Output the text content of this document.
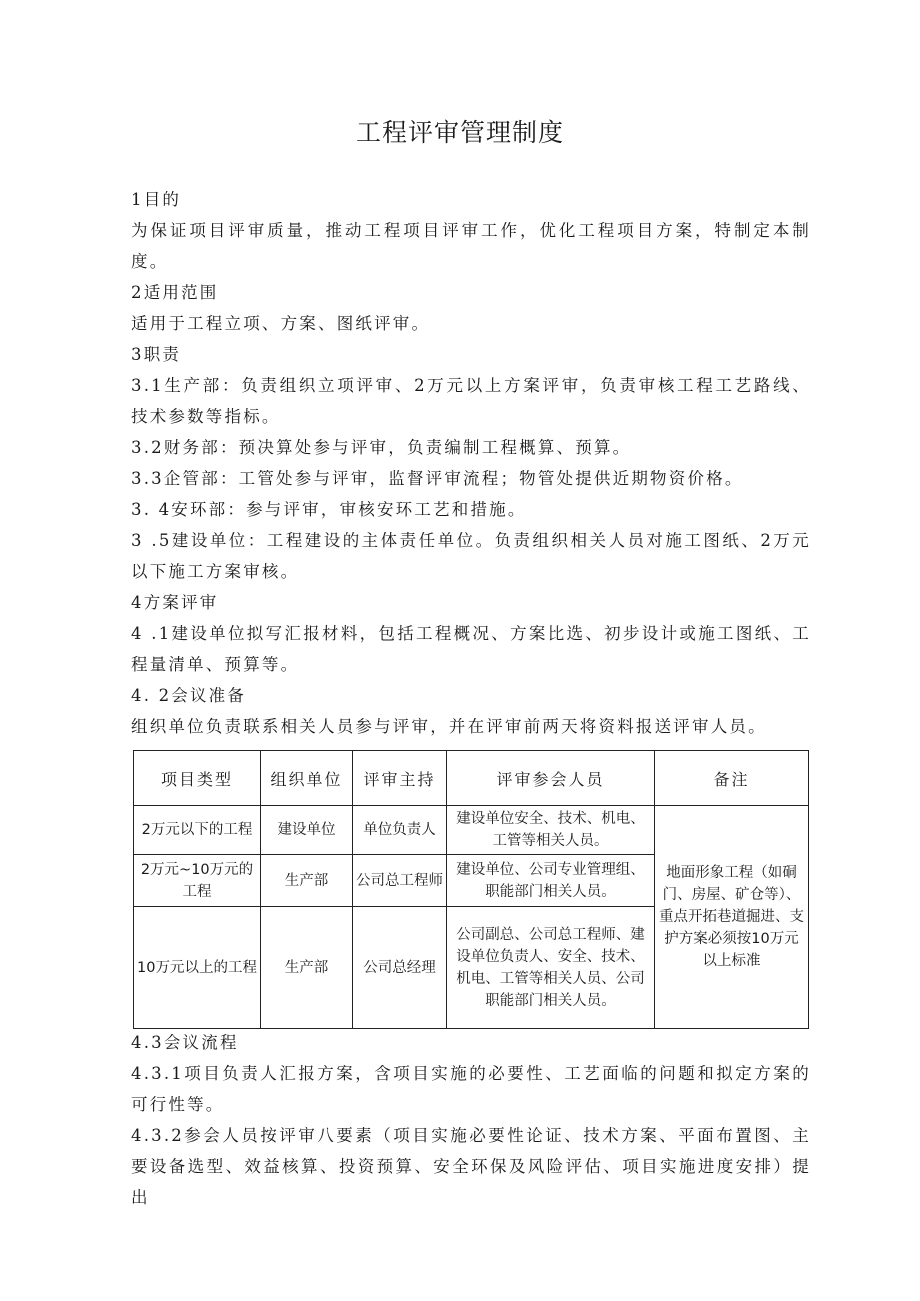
工程评审管理制度

1目的

为保证项目评审质量，推动工程项目评审工作，优化工程项目方案，特制定本制度。

2适用范围

适用于工程立项、方案、图纸评审。

3职责

3.1生产部：负责组织立项评审、2万元以上方案评审，负责审核工程工艺路线、技术参数等指标。

3.2财务部：预决算处参与评审，负责编制工程概算、预算。

3.3企管部：工管处参与评审，监督评审流程；物管处提供近期物资价格。

3. 4安环部：参与评审，审核安环工艺和措施。

3 .5建设单位：工程建设的主体责任单位。负责组织相关人员对施工图纸、2万元以下施工方案审核。

4方案评审

4 .1建设单位拟写汇报材料，包括工程概况、方案比选、初步设计或施工图纸、工程量清单、预算等。

4. 2会议准备

组织单位负责联系相关人员参与评审，并在评审前两天将资料报送评审人员。

项目类型	组织单位	评审主持	评审参会人员	备注
2万元以下的工程	建设单位	单位负责人	建设单位安全、技术、机电、工管等相关人员。	地面形象工程（如硐门、房屋、矿仓等）、重点开拓巷道掘进、支护方案必须按10万元以上标准
2万元~10万元的工程	生产部	公司总工程师	建设单位、公司专业管理组、职能部门相关人员。	
10万元以上的工程	生产部	公司总经理	公司副总、公司总工程师、建设单位负责人、安全、技术、机电、工管等相关人员、公司职能部门相关人员。	

4.3会议流程

4.3.1项目负责人汇报方案，含项目实施的必要性、工艺面临的问题和拟定方案的可行性等。

4.3.2参会人员按评审八要素（项目实施必要性论证、技术方案、平面布置图、主要设备选型、效益核算、投资预算、安全环保及风险评估、项目实施进度安排）提出
